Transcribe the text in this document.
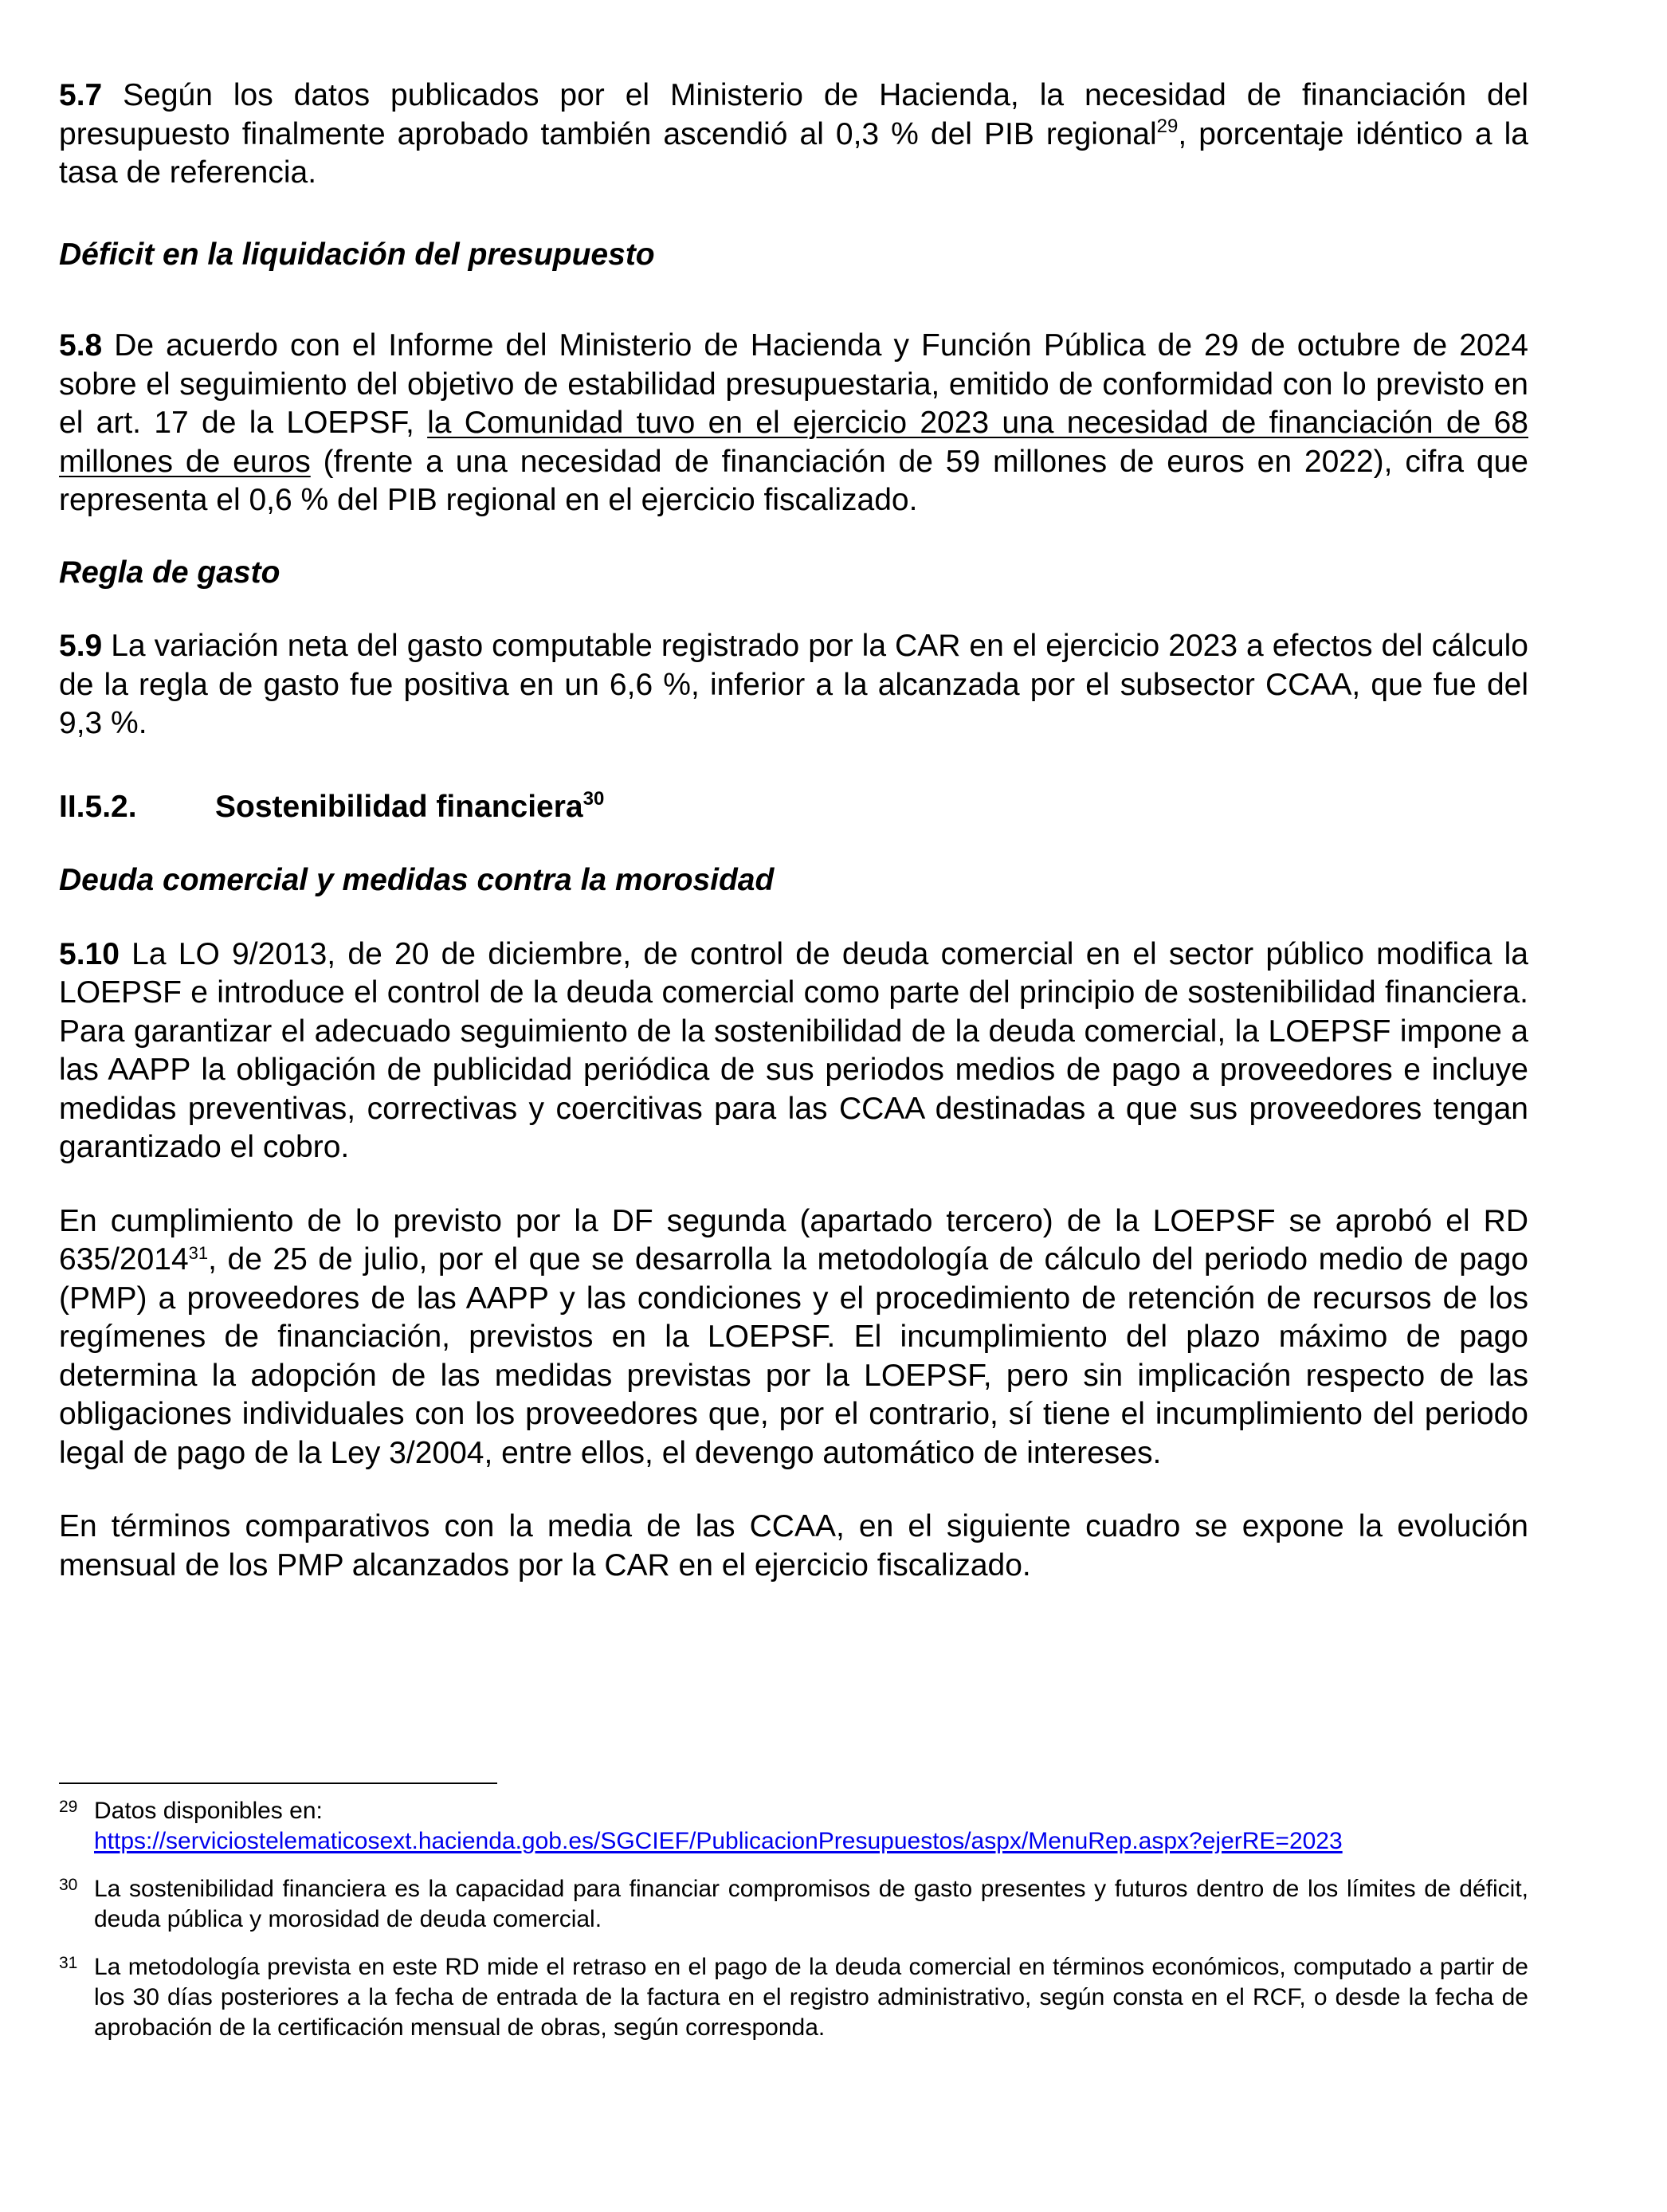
5.7 Según los datos publicados por el Ministerio de Hacienda, la necesidad de financiación del presupuesto finalmente aprobado también ascendió al 0,3 % del PIB regional$^{29}$, porcentaje idéntico a la tasa de referencia.

Déficit en la liquidación del presupuesto

5.8 De acuerdo con el Informe del Ministerio de Hacienda y Función Pública de 29 de octubre de 2024 sobre el seguimiento del objetivo de estabilidad presupuestaria, emitido de conformidad con lo previsto en el art. 17 de la LOEPSF, la Comunidad tuvo en el ejercicio 2023 una necesidad de financiación de 68 millones de euros (frente a una necesidad de financiación de 59 millones de euros en 2022), cifra que representa el 0,6 % del PIB regional en el ejercicio fiscalizado.

Regla de gasto

5.9 La variación neta del gasto computable registrado por la CAR en el ejercicio 2023 a efectos del cálculo de la regla de gasto fue positiva en un 6,6 %, inferior a la alcanzada por el subsector CCAA, que fue del 9,3 %.

II.5.2.	Sostenibilidad financiera$^{30}$

Deuda comercial y medidas contra la morosidad

5.10 La LO 9/2013, de 20 de diciembre, de control de deuda comercial en el sector público modifica la LOEPSF e introduce el control de la deuda comercial como parte del principio de sostenibilidad financiera. Para garantizar el adecuado seguimiento de la sostenibilidad de la deuda comercial, la LOEPSF impone a las AAPP la obligación de publicidad periódica de sus periodos medios de pago a proveedores e incluye medidas preventivas, correctivas y coercitivas para las CCAA destinadas a que sus proveedores tengan garantizado el cobro.

En cumplimiento de lo previsto por la DF segunda (apartado tercero) de la LOEPSF se aprobó el RD 635/2014$^{31}$, de 25 de julio, por el que se desarrolla la metodología de cálculo del periodo medio de pago (PMP) a proveedores de las AAPP y las condiciones y el procedimiento de retención de recursos de los regímenes de financiación, previstos en la LOEPSF. El incumplimiento del plazo máximo de pago determina la adopción de las medidas previstas por la LOEPSF, pero sin implicación respecto de las obligaciones individuales con los proveedores que, por el contrario, sí tiene el incumplimiento del periodo legal de pago de la Ley 3/2004, entre ellos, el devengo automático de intereses.

En términos comparativos con la media de las CCAA, en el siguiente cuadro se expone la evolución mensual de los PMP alcanzados por la CAR en el ejercicio fiscalizado.

29 Datos disponibles en:
https://serviciostelematicosext.hacienda.gob.es/SGCIEF/PublicacionPresupuestos/aspx/MenuRep.aspx?ejerRE=2023
30 La sostenibilidad financiera es la capacidad para financiar compromisos de gasto presentes y futuros dentro de los límites de déficit, deuda pública y morosidad de deuda comercial.
31 La metodología prevista en este RD mide el retraso en el pago de la deuda comercial en términos económicos, computado a partir de los 30 días posteriores a la fecha de entrada de la factura en el registro administrativo, según consta en el RCF, o desde la fecha de aprobación de la certificación mensual de obras, según corresponda.
